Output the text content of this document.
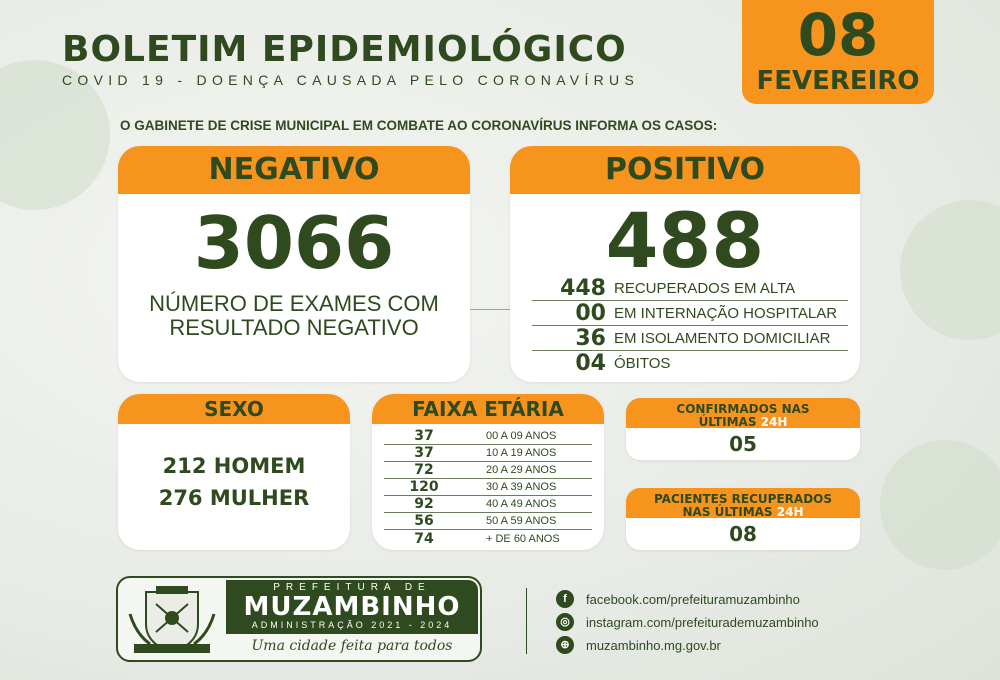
BOLETIM EPIDEMIOLÓGICO
COVID 19 - DOENÇA CAUSADA PELO CORONAVÍRUS
08
FEVEREIRO
O GABINETE DE CRISE MUNICIPAL EM COMBATE AO CORONAVÍRUS INFORMA OS CASOS:
NEGATIVO
3066
NÚMERO DE EXAMES COM
RESULTADO NEGATIVO
POSITIVO
488
448 RECUPERADOS EM ALTA
00 EM INTERNAÇÃO HOSPITALAR
36 EM ISOLAMENTO DOMICILIAR
04 ÓBITOS
SEXO
212 HOMEM
276 MULHER
FAIXA ETÁRIA
37	00 A 09 ANOS
37	10 A 19 ANOS
72	20 A 29 ANOS
120	30 A 39 ANOS
92	40 A 49 ANOS
56	50 A 59 ANOS
74	+ DE 60 ANOS
CONFIRMADOS NAS
ÚLTIMAS 24H
05
PACIENTES RECUPERADOS
NAS ÚLTIMAS 24H
08
PREFEITURA DE
MUZAMBINHO
ADMINISTRAÇÃO 2021 - 2024
Uma cidade feita para todos
f	facebook.com/prefeituramuzambinho
◎	instagram.com/prefeiturademuzambinho
⊕	muzambinho.mg.gov.br
